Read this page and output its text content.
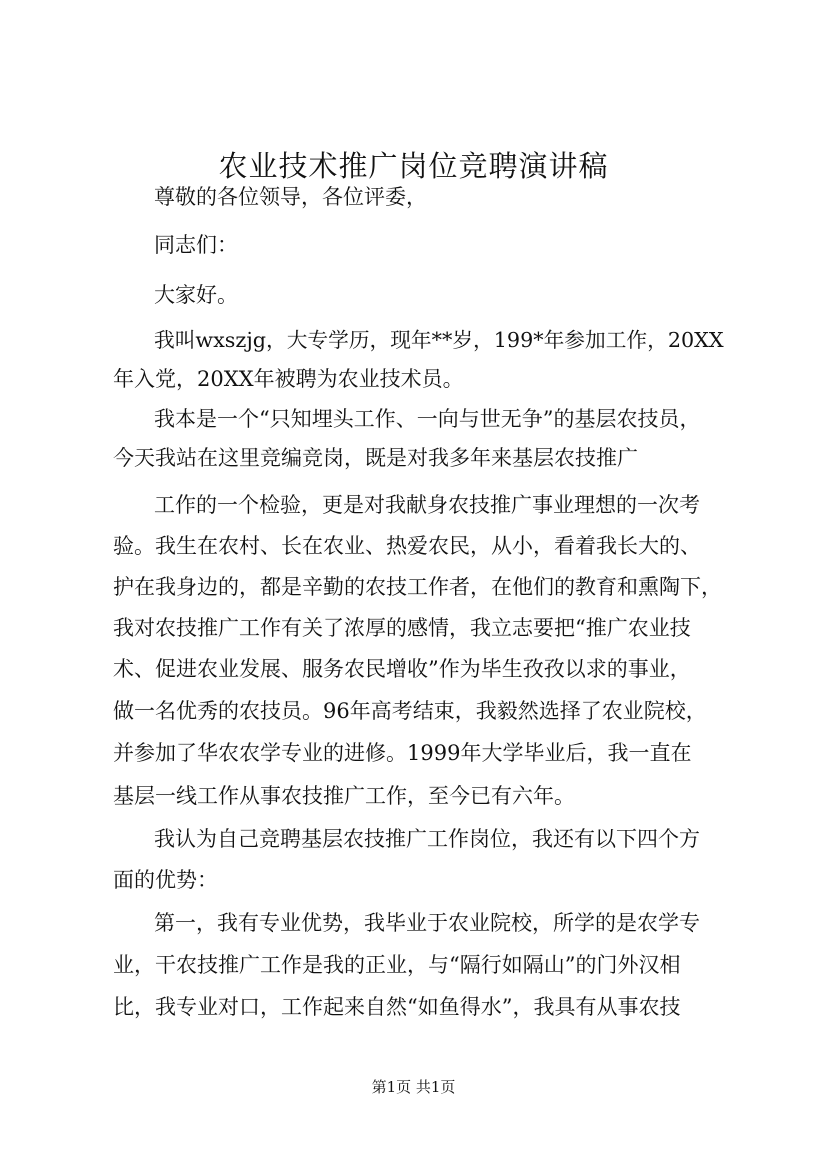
农业技术推广岗位竞聘演讲稿
尊敬的各位领导，各位评委，
同志们：
大家好。
我叫wxszjg，大专学历，现年**岁，199*年参加工作，20XX
年入党，20XX年被聘为农业技术员。
我本是一个“只知埋头工作、一向与世无争”的基层农技员，
今天我站在这里竞编竞岗，既是对我多年来基层农技推广
工作的一个检验，更是对我献身农技推广事业理想的一次考
验。我生在农村、长在农业、热爱农民，从小，看着我长大的、
护在我身边的，都是辛勤的农技工作者，在他们的教育和熏陶下，
我对农技推广工作有关了浓厚的感情，我立志要把“推广农业技
术、促进农业发展、服务农民增收”作为毕生孜孜以求的事业，
做一名优秀的农技员。96年高考结束，我毅然选择了农业院校，
并参加了华农农学专业的进修。1999年大学毕业后，我一直在
基层一线工作从事农技推广工作，至今已有六年。
我认为自己竞聘基层农技推广工作岗位，我还有以下四个方
面的优势：
第一，我有专业优势，我毕业于农业院校，所学的是农学专
业，干农技推广工作是我的正业，与“隔行如隔山”的门外汉相
比，我专业对口，工作起来自然“如鱼得水”，我具有从事农技
第1页 共1页
